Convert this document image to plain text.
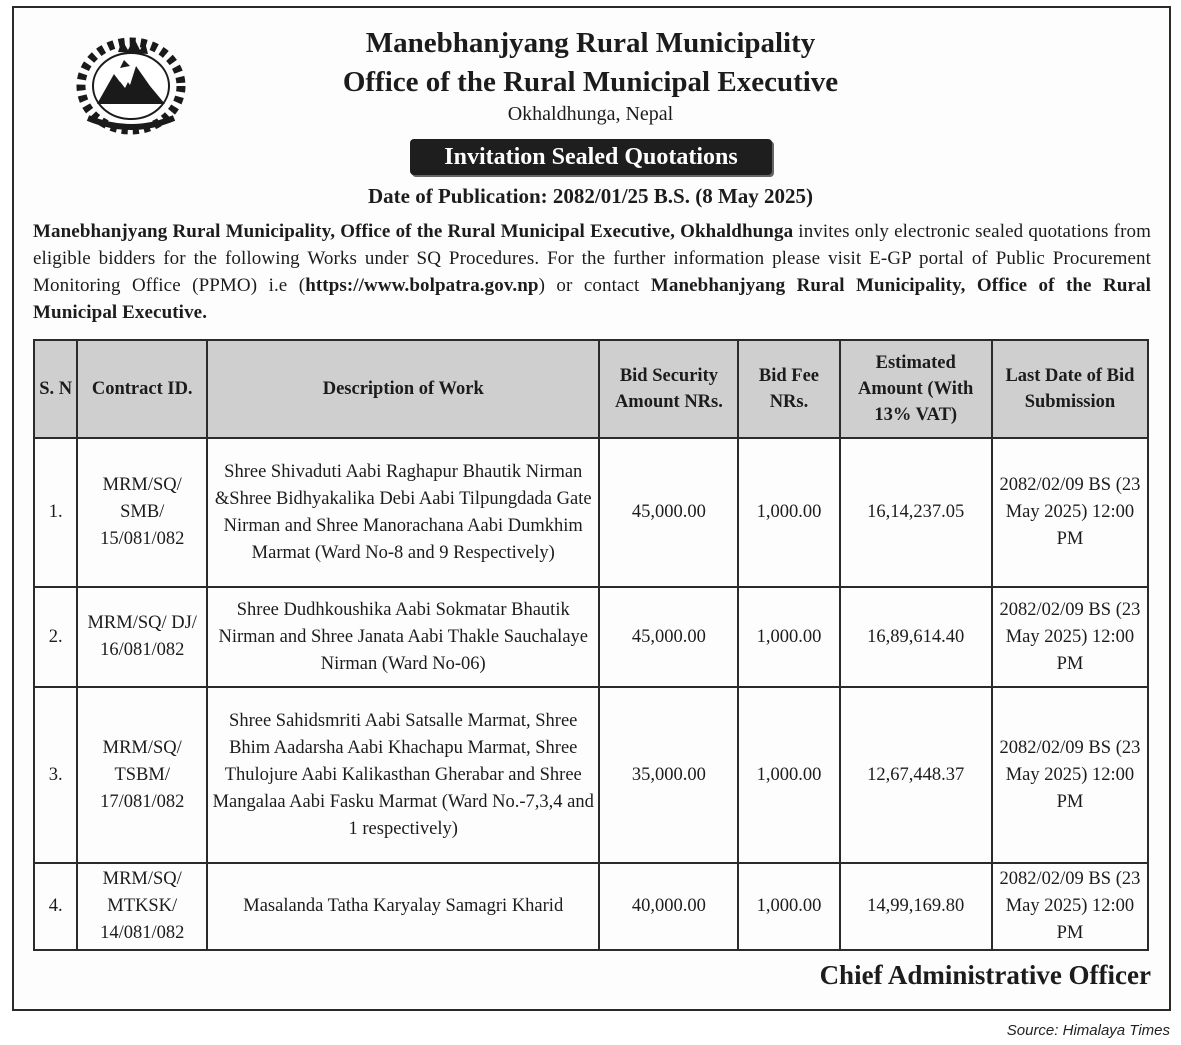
Manebhanjyang Rural Municipality
Office of the Rural Municipal Executive
Okhaldhunga, Nepal
Invitation Sealed Quotations
Date of Publication: 2082/01/25 B.S. (8 May 2025)
Manebhanjyang Rural Municipality, Office of the Rural Municipal Executive, Okhaldhunga invites only electronic sealed quotations from eligible bidders for the following Works under SQ Procedures. For the further information please visit E-GP portal of Public Procurement Monitoring Office (PPMO) i.e (https://www.bolpatra.gov.np) or contact Manebhanjyang Rural Municipality, Office of the Rural Municipal Executive.
S. N	Contract ID.	Description of Work	Bid Security Amount NRs.	Bid Fee NRs.	Estimated Amount (With 13% VAT)	Last Date of Bid Submission
1.	MRM/SQ/ SMB/ 15/081/082	Shree Shivaduti Aabi Raghapur Bhautik Nirman &Shree Bidhyakalika Debi Aabi Tilpungdada Gate Nirman and Shree Manorachana Aabi Dumkhim Marmat (Ward No-8 and 9 Respectively)	45,000.00	1,000.00	16,14,237.05	2082/02/09 BS (23 May 2025) 12:00 PM
2.	MRM/SQ/ DJ/ 16/081/082	Shree Dudhkoushika Aabi Sokmatar Bhautik Nirman and Shree Janata Aabi Thakle Sauchalaye Nirman (Ward No-06)	45,000.00	1,000.00	16,89,614.40	2082/02/09 BS (23 May 2025) 12:00 PM
3.	MRM/SQ/ TSBM/ 17/081/082	Shree Sahidsmriti Aabi Satsalle Marmat, Shree Bhim Aadarsha Aabi Khachapu Marmat, Shree Thulojure Aabi Kalikasthan Gherabar and Shree Mangalaa Aabi Fasku Marmat (Ward No.-7,3,4 and 1 respectively)	35,000.00	1,000.00	12,67,448.37	2082/02/09 BS (23 May 2025) 12:00 PM
4.	MRM/SQ/ MTKSK/ 14/081/082	Masalanda Tatha Karyalay Samagri Kharid	40,000.00	1,000.00	14,99,169.80	2082/02/09 BS (23 May 2025) 12:00 PM
Chief Administrative Officer
Source: Himalaya Times
